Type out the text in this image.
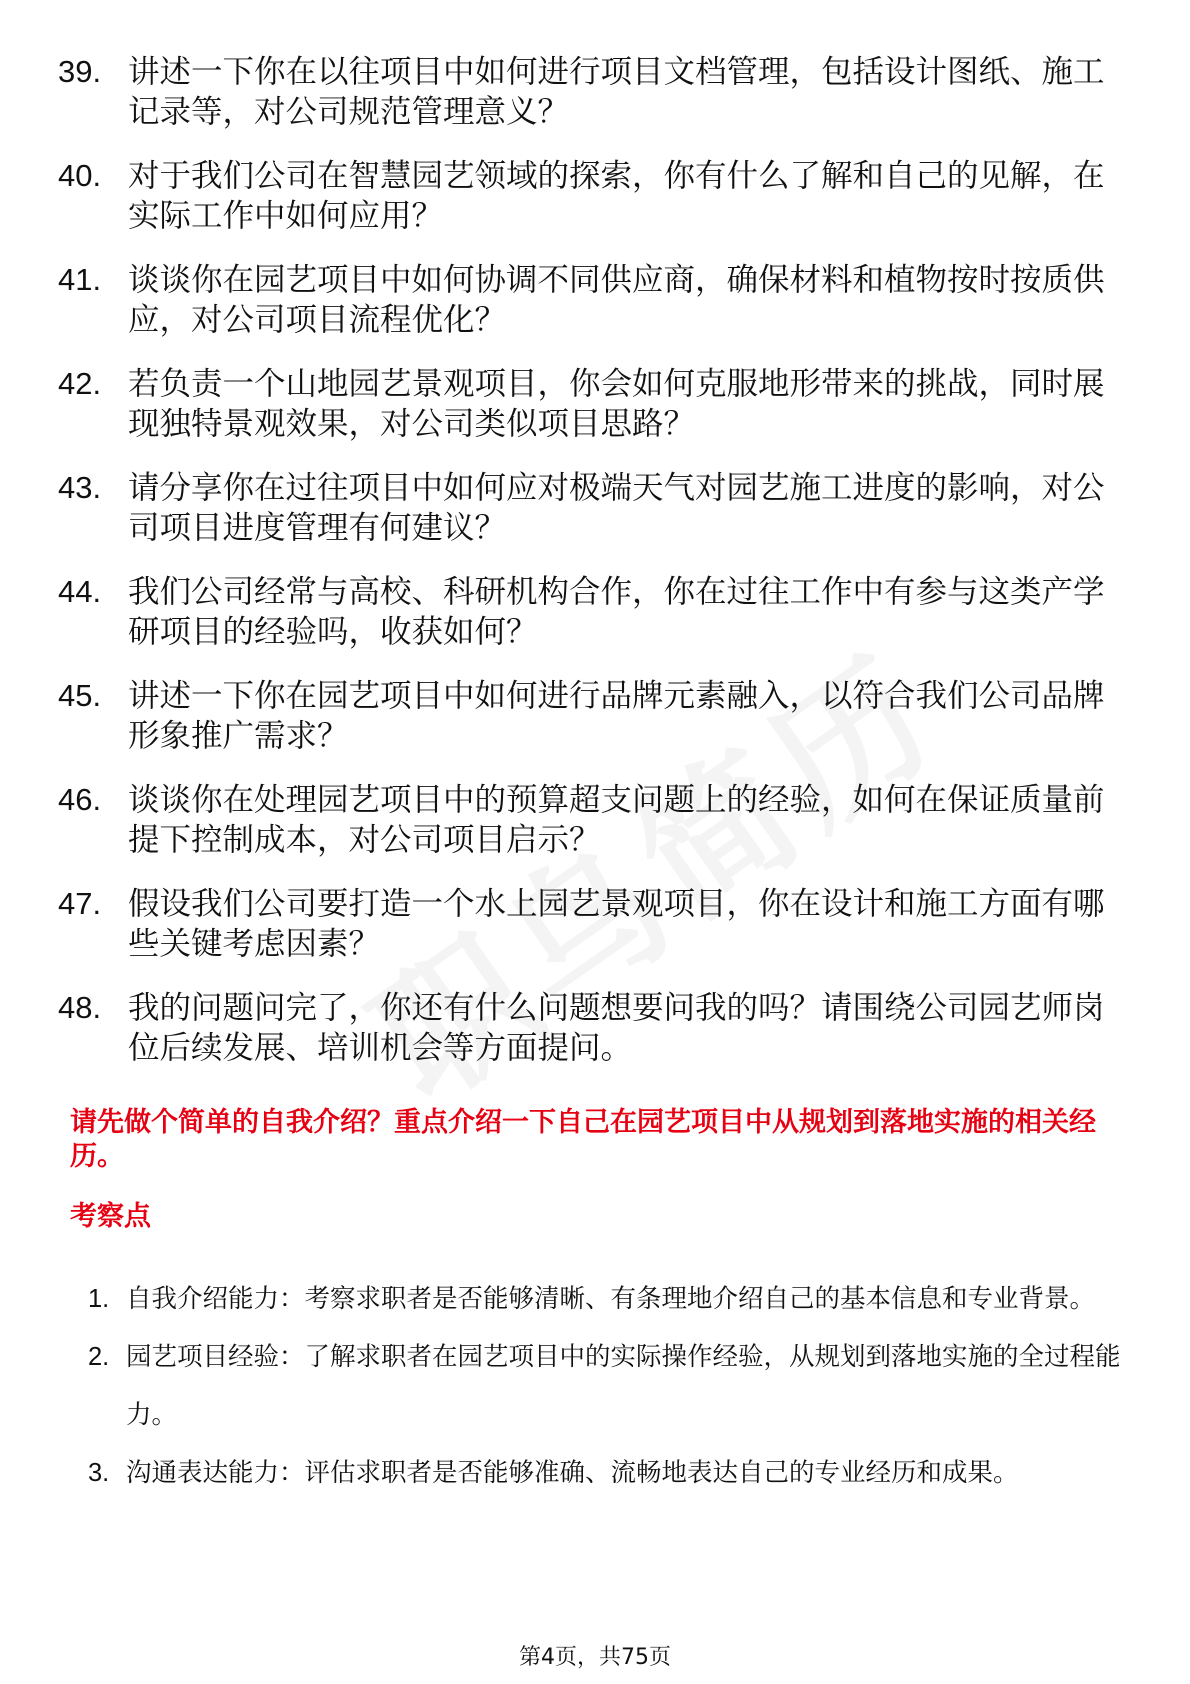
39. 讲述一下你在以往项目中如何进行项目文档管理，包括设计图纸、施工记录等，对公司规范管理意义？
40. 对于我们公司在智慧园艺领域的探索，你有什么了解和自己的见解，在实际工作中如何应用？
41. 谈谈你在园艺项目中如何协调不同供应商，确保材料和植物按时按质供应，对公司项目流程优化？
42. 若负责一个山地园艺景观项目，你会如何克服地形带来的挑战，同时展现独特景观效果，对公司类似项目思路？
43. 请分享你在过往项目中如何应对极端天气对园艺施工进度的影响，对公司项目进度管理有何建议？
44. 我们公司经常与高校、科研机构合作，你在过往工作中有参与这类产学研项目的经验吗，收获如何？
45. 讲述一下你在园艺项目中如何进行品牌元素融入，以符合我们公司品牌形象推广需求？
46. 谈谈你在处理园艺项目中的预算超支问题上的经验，如何在保证质量前提下控制成本，对公司项目启示？
47. 假设我们公司要打造一个水上园艺景观项目，你在设计和施工方面有哪些关键考虑因素？
48. 我的问题问完了，你还有什么问题想要问我的吗？请围绕公司园艺师岗位后续发展、培训机会等方面提问。
请先做个简单的自我介绍？重点介绍一下自己在园艺项目中从规划到落地实施的相关经历。
考察点
1. 自我介绍能力：考察求职者是否能够清晰、有条理地介绍自己的基本信息和专业背景。
2. 园艺项目经验：了解求职者在园艺项目中的实际操作经验，从规划到落地实施的全过程能力。
3. 沟通表达能力：评估求职者是否能够准确、流畅地表达自己的专业经历和成果。
第4页，共75页
